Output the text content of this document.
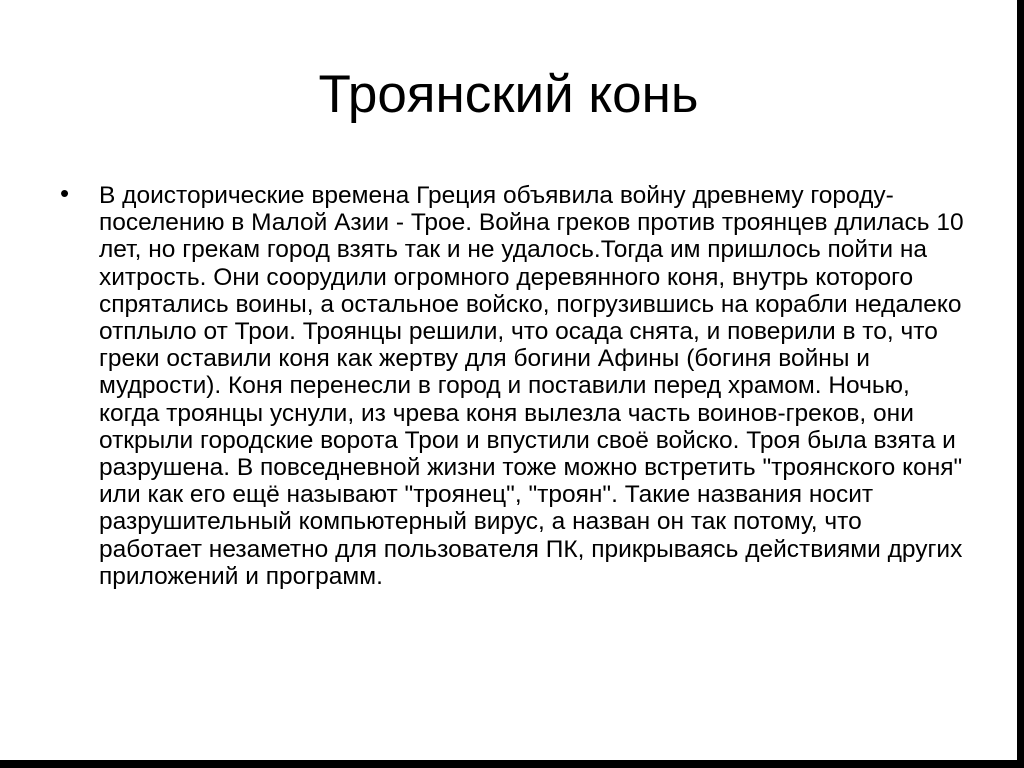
Троянский конь
• В доисторические времена Греция объявила войну древнему городу-поселению в Малой Азии - Трое. Война греков против троянцев длилась 10 лет, но грекам город взять так и не удалось.Тогда им пришлось пойти на хитрость. Они соорудили огромного деревянного коня, внутрь которого спрятались воины, а остальное войско, погрузившись на корабли недалеко отплыло от Трои. Троянцы решили, что осада снята, и поверили в то, что греки оставили коня как жертву для богини Афины (богиня войны и мудрости). Коня перенесли в город и поставили перед храмом. Ночью, когда троянцы уснули, из чрева коня вылезла часть воинов-греков, они открыли городские ворота Трои и впустили своё войско. Троя была взята и разрушена. В повседневной жизни тоже можно встретить "троянского коня" или как его ещё называют "троянец", "троян". Такие названия носит разрушительный компьютерный вирус, а назван он так потому, что работает незаметно для пользователя ПК, прикрываясь действиями других приложений и программ.
